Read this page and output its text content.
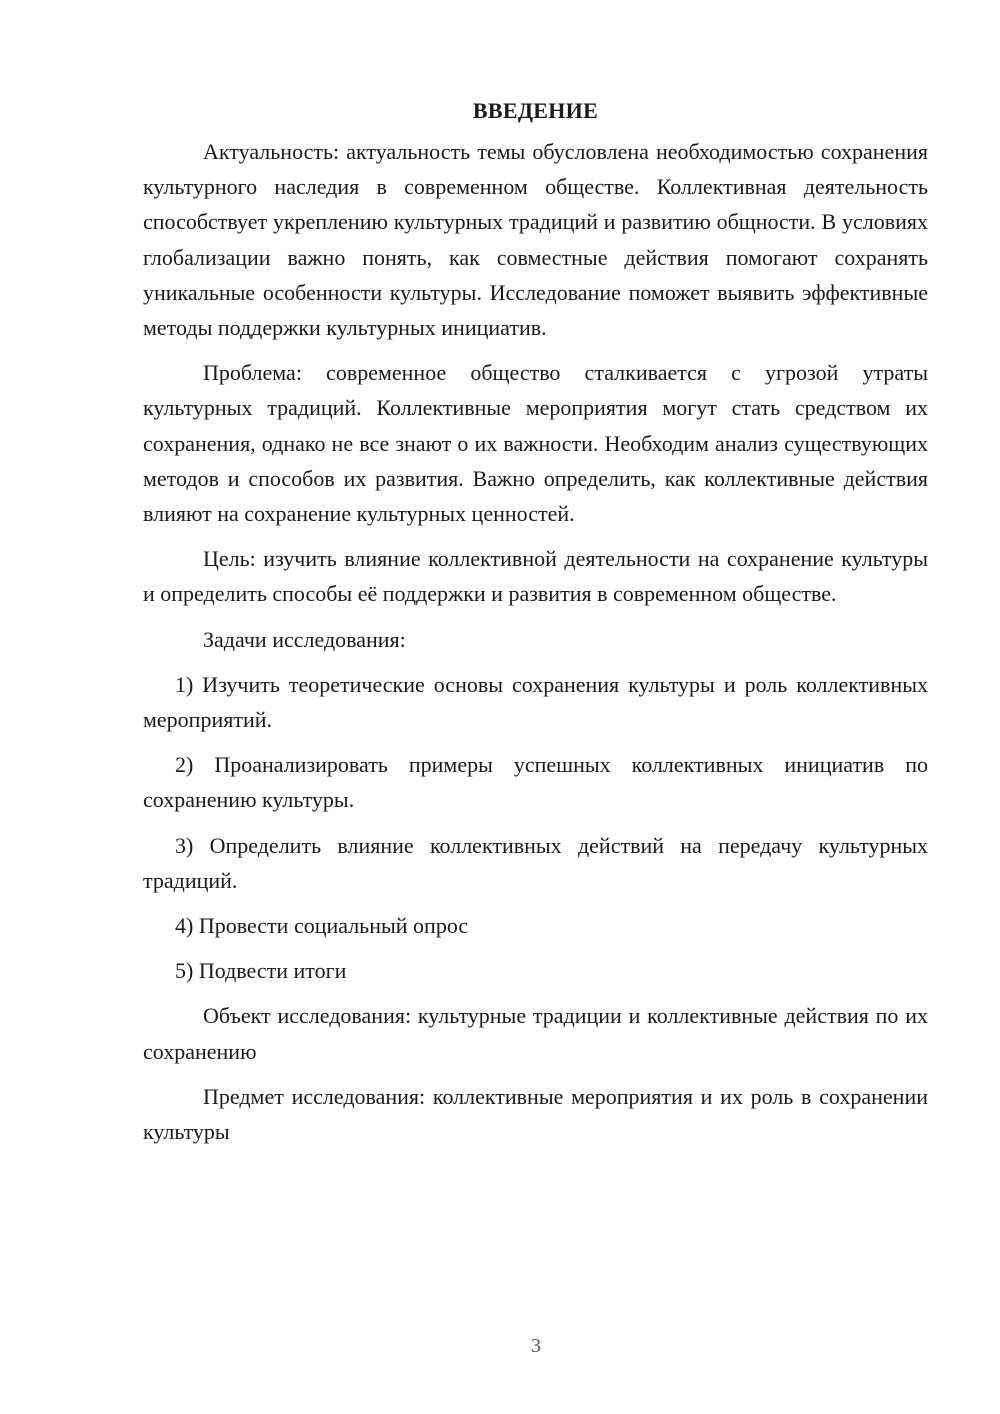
ВВЕДЕНИЕ

Актуальность: актуальность темы обусловлена необходимостью сохранения культурного наследия в современном обществе. Коллективная деятельность способствует укреплению культурных традиций и развитию общности. В условиях глобализации важно понять, как совместные действия помогают сохранять уникальные особенности культуры. Исследование поможет выявить эффективные методы поддержки культурных инициатив.

Проблема: современное общество сталкивается с угрозой утраты культурных традиций. Коллективные мероприятия могут стать средством их сохранения, однако не все знают о их важности. Необходим анализ существующих методов и способов их развития. Важно определить, как коллективные действия влияют на сохранение культурных ценностей.

Цель: изучить влияние коллективной деятельности на сохранение культуры и определить способы её поддержки и развития в современном обществе.

Задачи исследования:

1) Изучить теоретические основы сохранения культуры и роль коллективных мероприятий.

2) Проанализировать примеры успешных коллективных инициатив по сохранению культуры.

3) Определить влияние коллективных действий на передачу культурных традиций.

4) Провести социальный опрос

5) Подвести итоги

Объект исследования: культурные традиции и коллективные действия по их сохранению

Предмет исследования: коллективные мероприятия и их роль в сохранении культуры

3
